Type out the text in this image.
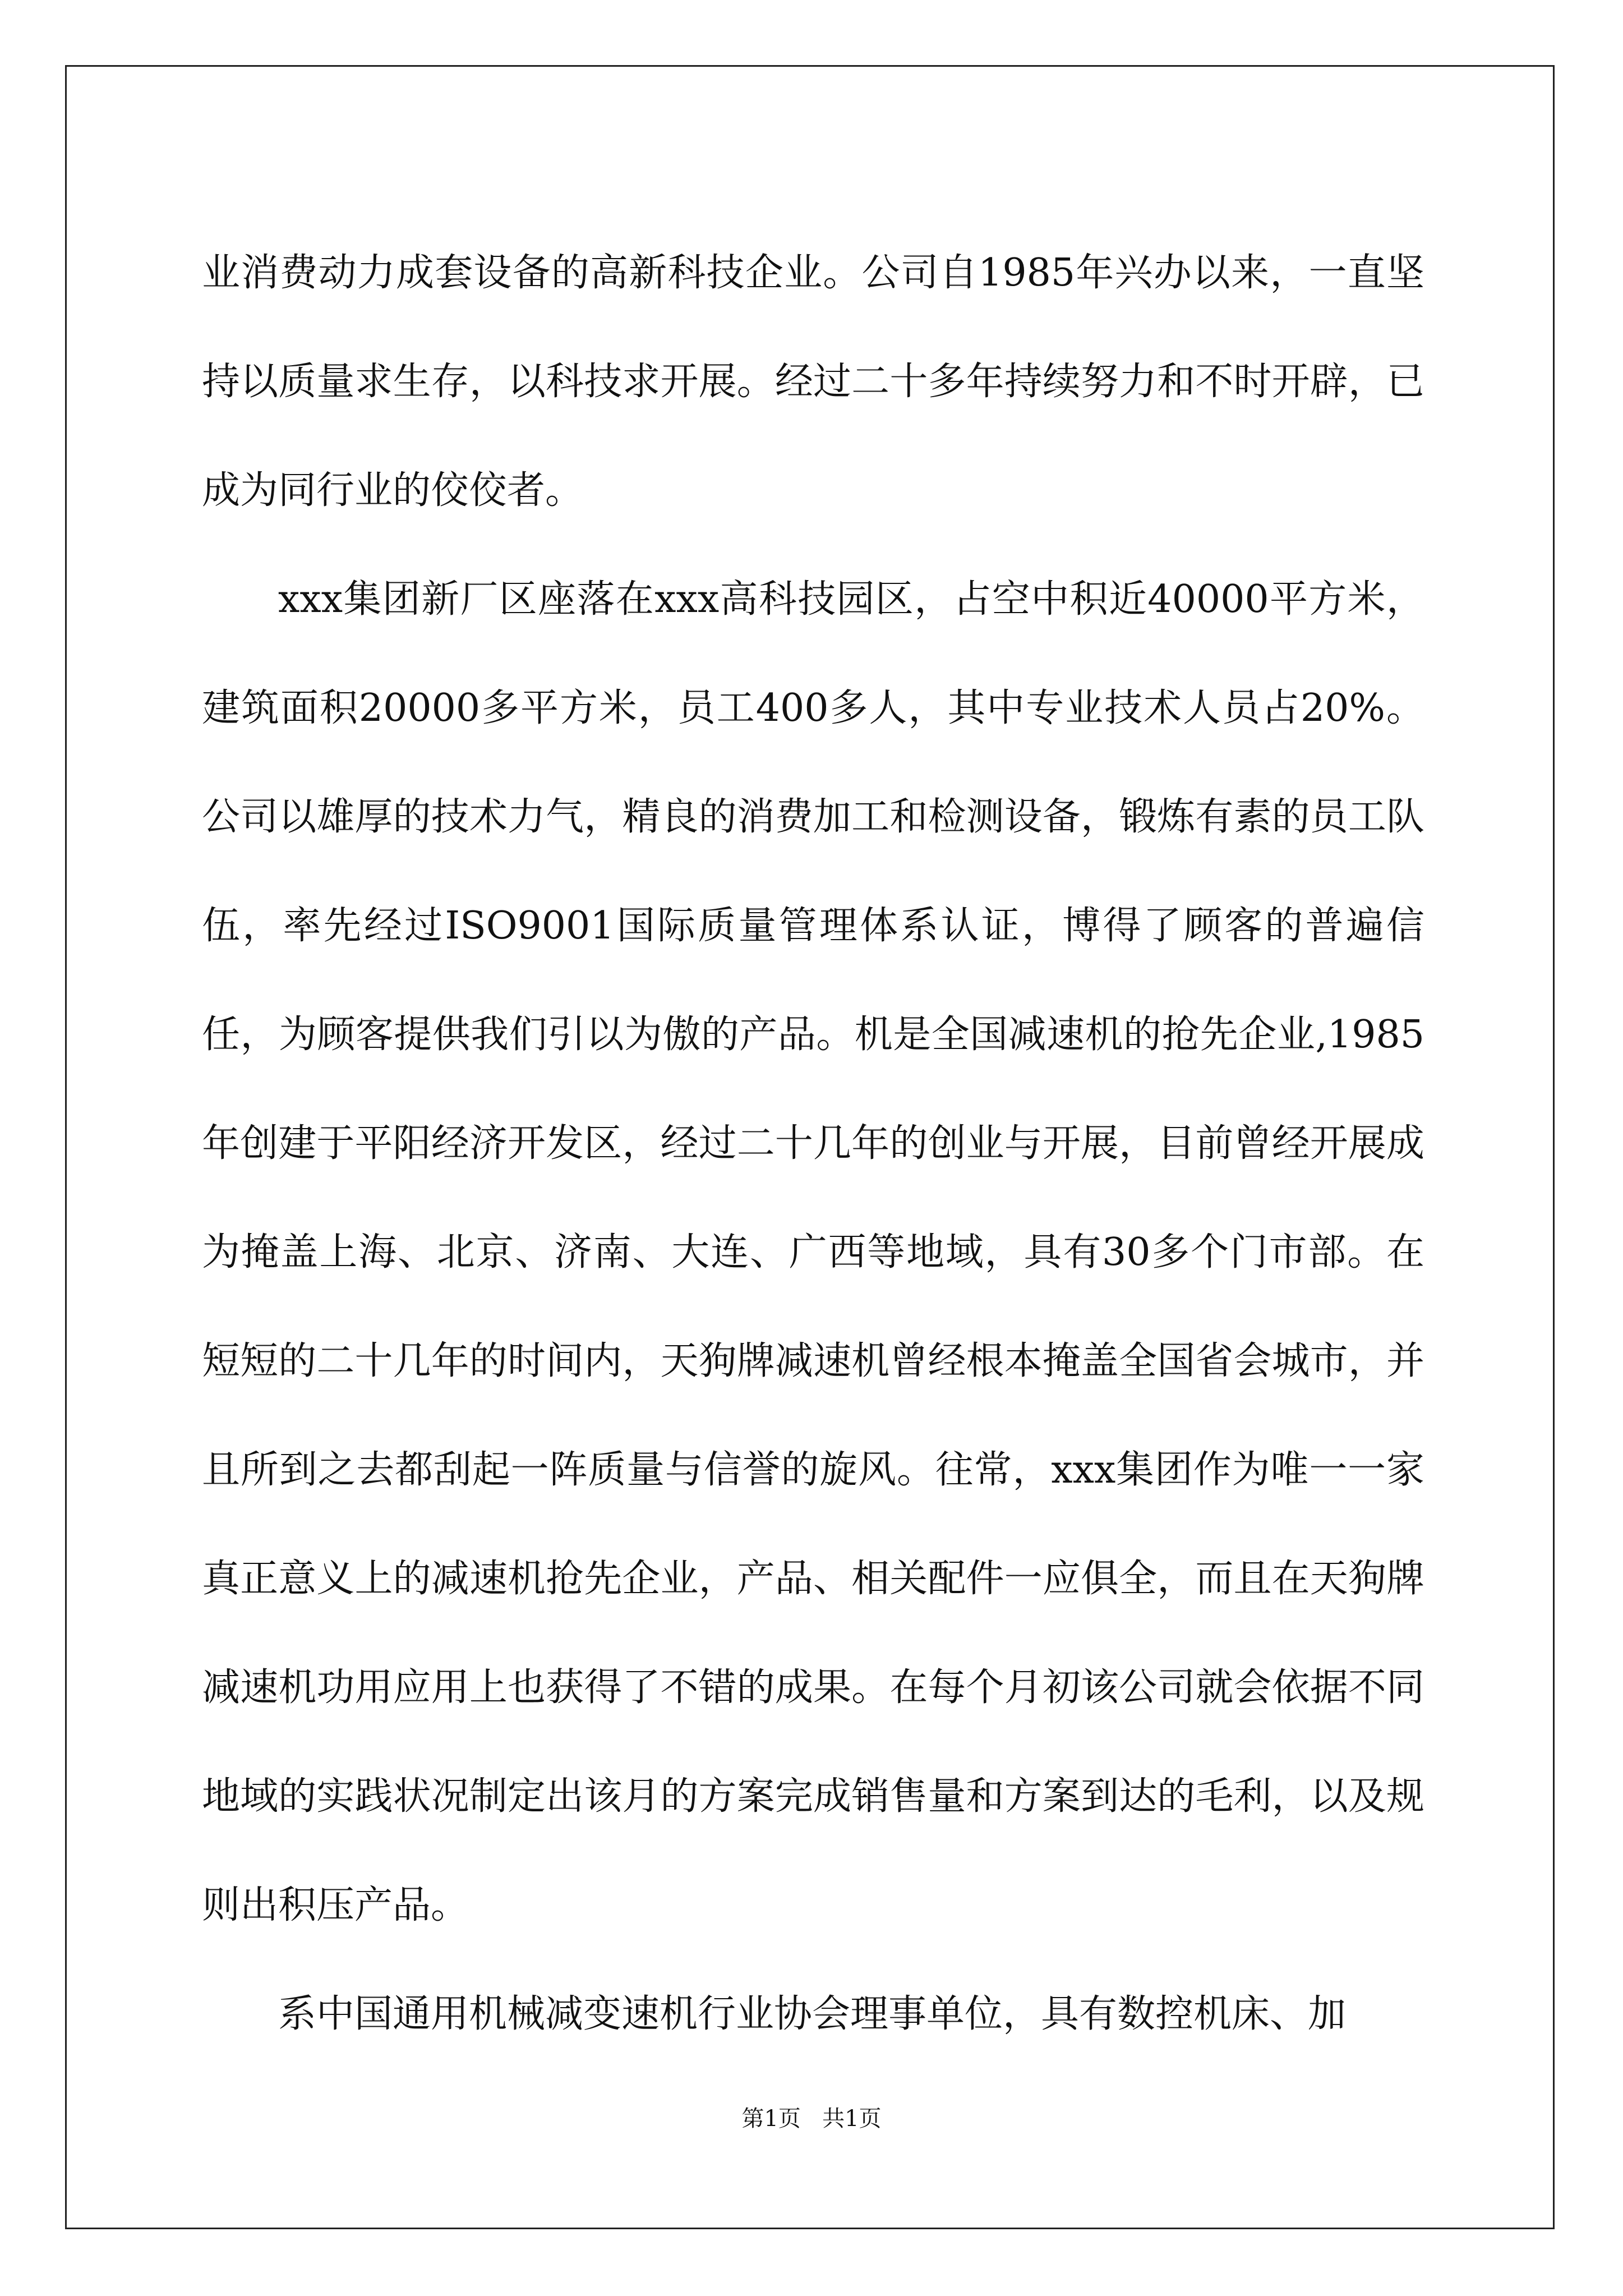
业消费动力成套设备的高新科技企业。公司自1985年兴办以来，一直坚持以质量求生存，以科技求开展。经过二十多年持续努力和不时开辟，已成为同行业的佼佼者。

xxx集团新厂区座落在xxx高科技园区，占空中积近40000平方米，建筑面积20000多平方米，员工400多人，其中专业技术人员占20%。公司以雄厚的技术力气，精良的消费加工和检测设备，锻炼有素的员工队伍，率先经过ISO9001国际质量管理体系认证，博得了顾客的普遍信任，为顾客提供我们引以为傲的产品。机是全国减速机的抢先企业,1985年创建于平阳经济开发区，经过二十几年的创业与开展，目前曾经开展成为掩盖上海、北京、济南、大连、广西等地域，具有30多个门市部。在短短的二十几年的时间内，天狗牌减速机曾经根本掩盖全国省会城市，并且所到之去都刮起一阵质量与信誉的旋风。往常，xxx集团作为唯一一家真正意义上的减速机抢先企业，产品、相关配件一应俱全，而且在天狗牌减速机功用应用上也获得了不错的成果。在每个月初该公司就会依据不同地域的实践状况制定出该月的方案完成销售量和方案到达的毛利，以及规则出积压产品。

系中国通用机械减变速机行业协会理事单位，具有数控机床、加

第1页 共1页
